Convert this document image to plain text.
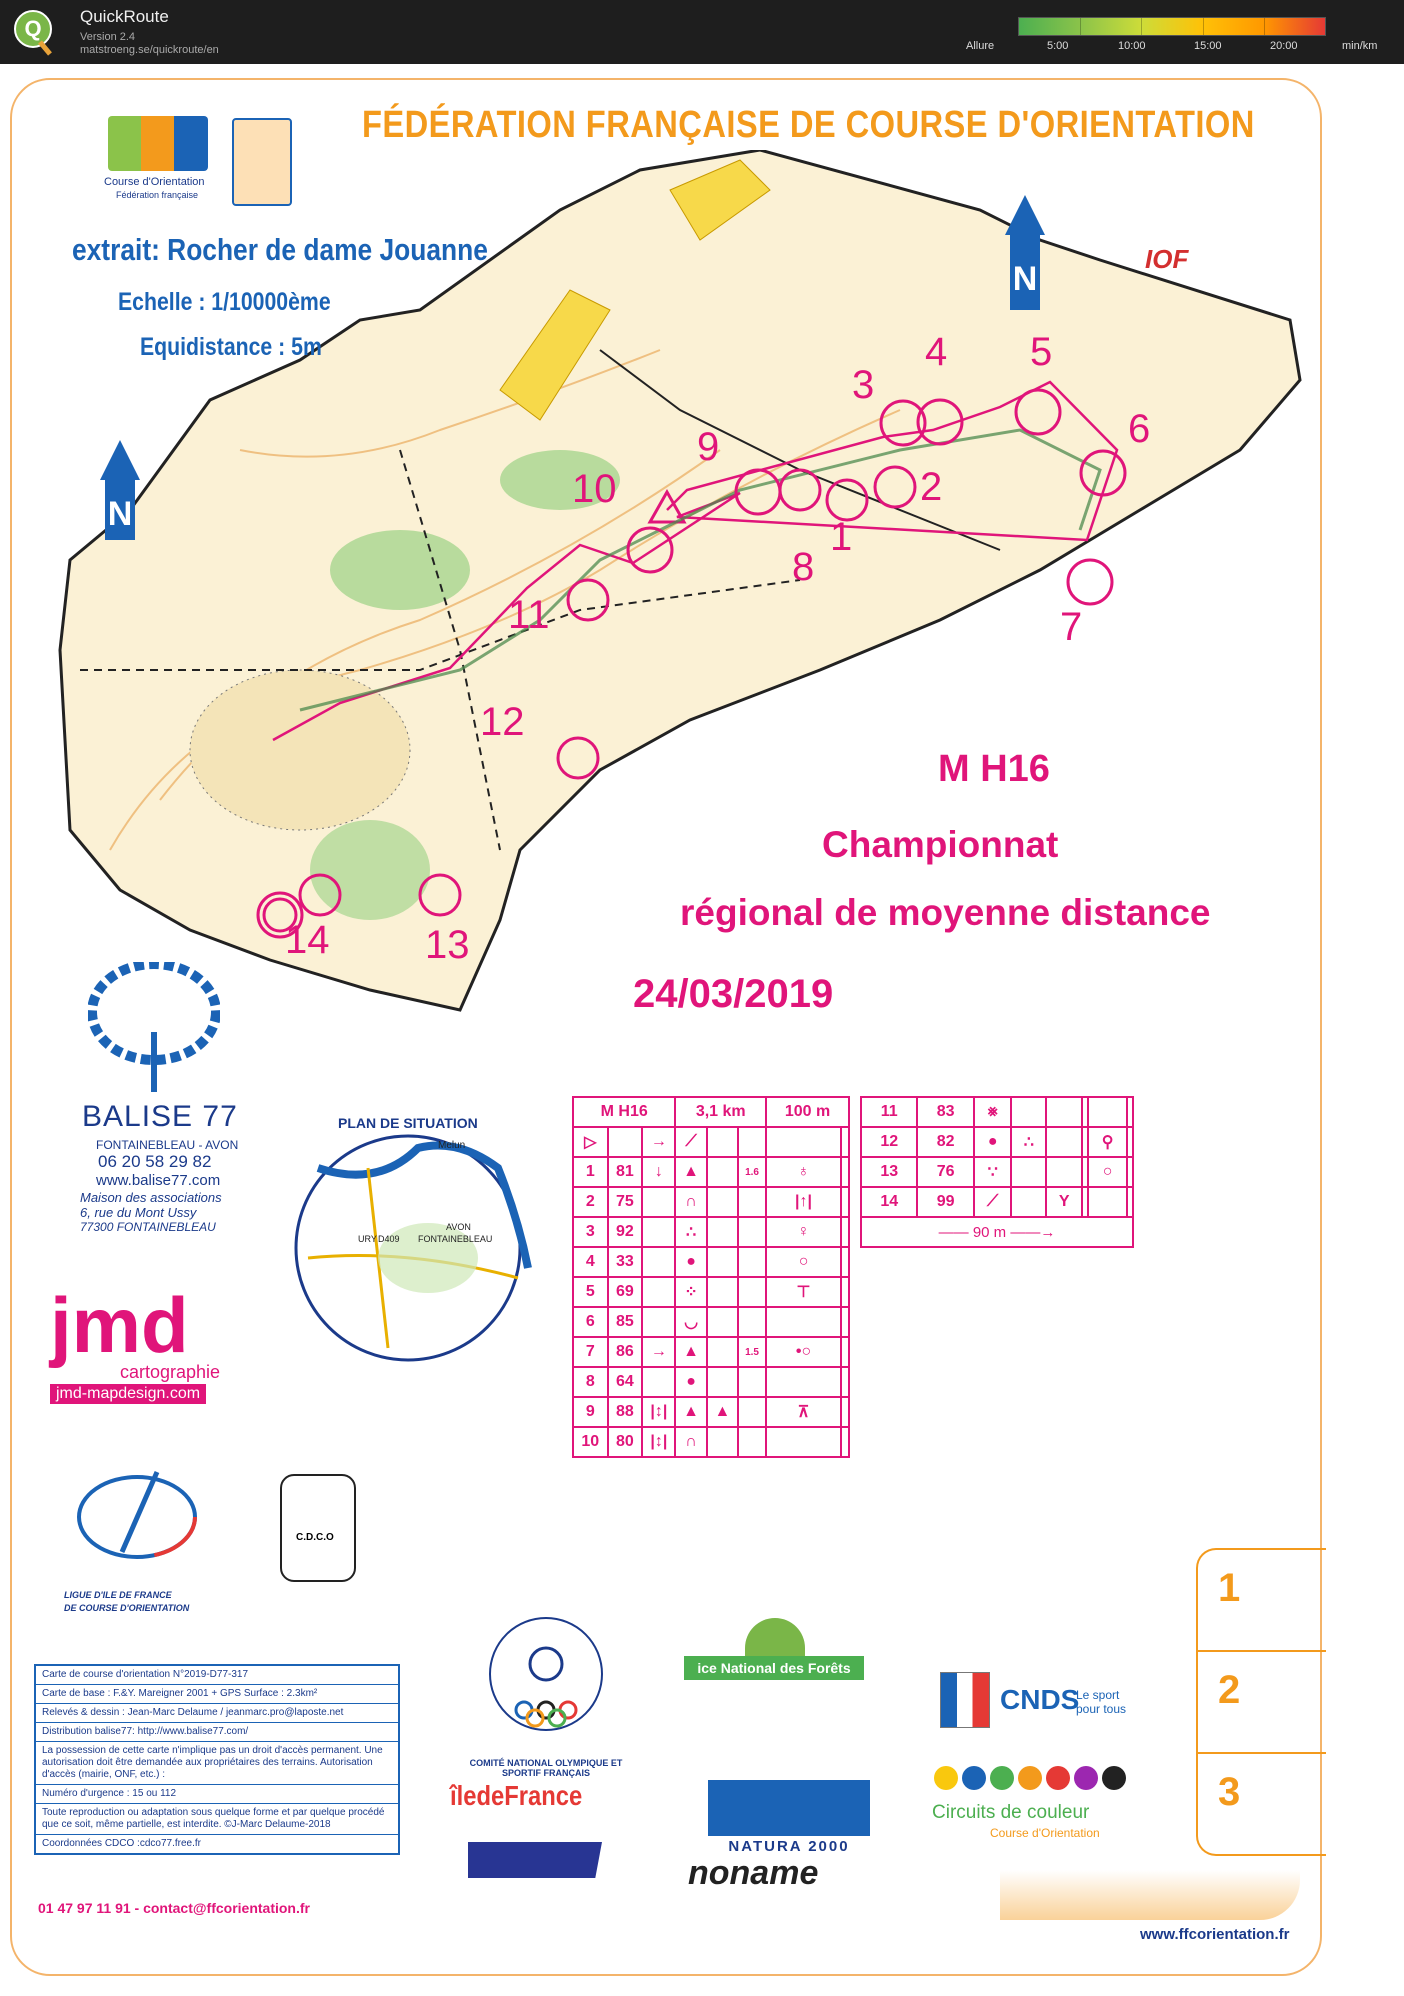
Q QuickRoute
Version 2.4
matstroeng.se/quickroute/en	Allure	5:00	10:00	15:00	20:00	min/km
N
N
1
2
3
4 5
6
7
8
9
10
11
12
13
14
FÉDÉRATION FRANÇAISE DE COURSE D'ORIENTATION
extrait: Rocher de dame Jouanne
Echelle : 1/10000ème
Equidistance : 5m
Course d'Orientation
Fédération française
IOF
M H16
Championnat
régional de moyenne distance
24/03/2019
BALISE 77
FONTAINEBLEAU - AVON
06 20 58 29 82
www.balise77.com
Maison des associations
6, rue du Mont Ussy
77300 FONTAINEBLEAU
PLAN DE SITUATION
Melun
AVON
FONTAINEBLEAU
URY D409
jmd
cartographie
jmd-mapdesign.com
LIGUE D'ILE DE FRANCE
DE COURSE D'ORIENTATION
C.D.C.O
M H16			3,1 km			100 m	
▷		→	⟋				
1	81	↓	▲		1.6	♁	
2	75		∩			|↑|	
3	92		∴			♀	
4	33		●			○	
5	69		⁘			⊤	
6	85		◡				
7	86	→	▲		1.5	•○	
8	64		●				
9	88	|↕|	▲	▲		⊼	
10	80	|↕|	∩				
11	83	⨳					
12	82	●	∴			⚲	
13	76	∵				○	
14	99	⟋		Y			
—— 90 m ——→							
1
2
3
COMITÉ NATIONAL OLYMPIQUE ET SPORTIF FRANÇAIS
ice National des Forêts
NATURA 2000
noname
îledeFrance
CNDS
Le sport pour tous
Circuits de couleur
Course d'Orientation
Carte de course d'orientation N°2019-D77-317
Carte de base : F.&Y. Mareigner 2001 + GPS Surface : 2.3km²
Relevés & dessin : Jean-Marc Delaume / jeanmarc.pro@laposte.net
Distribution balise77: http://www.balise77.com/
La possession de cette carte n'implique pas un droit d'accès permanent. Une autorisation doit être demandée aux propriétaires des terrains. Autorisation d'accès (mairie, ONF, etc.) :
Numéro d'urgence : 15 ou 112
Toute reproduction ou adaptation sous quelque forme et par quelque procédé que ce soit, même partielle, est interdite. ©J-Marc Delaume-2018
Coordonnées CDCO :cdco77.free.fr
01 47 97 11 91 - contact@ffcorientation.fr
www.ffcorientation.fr
